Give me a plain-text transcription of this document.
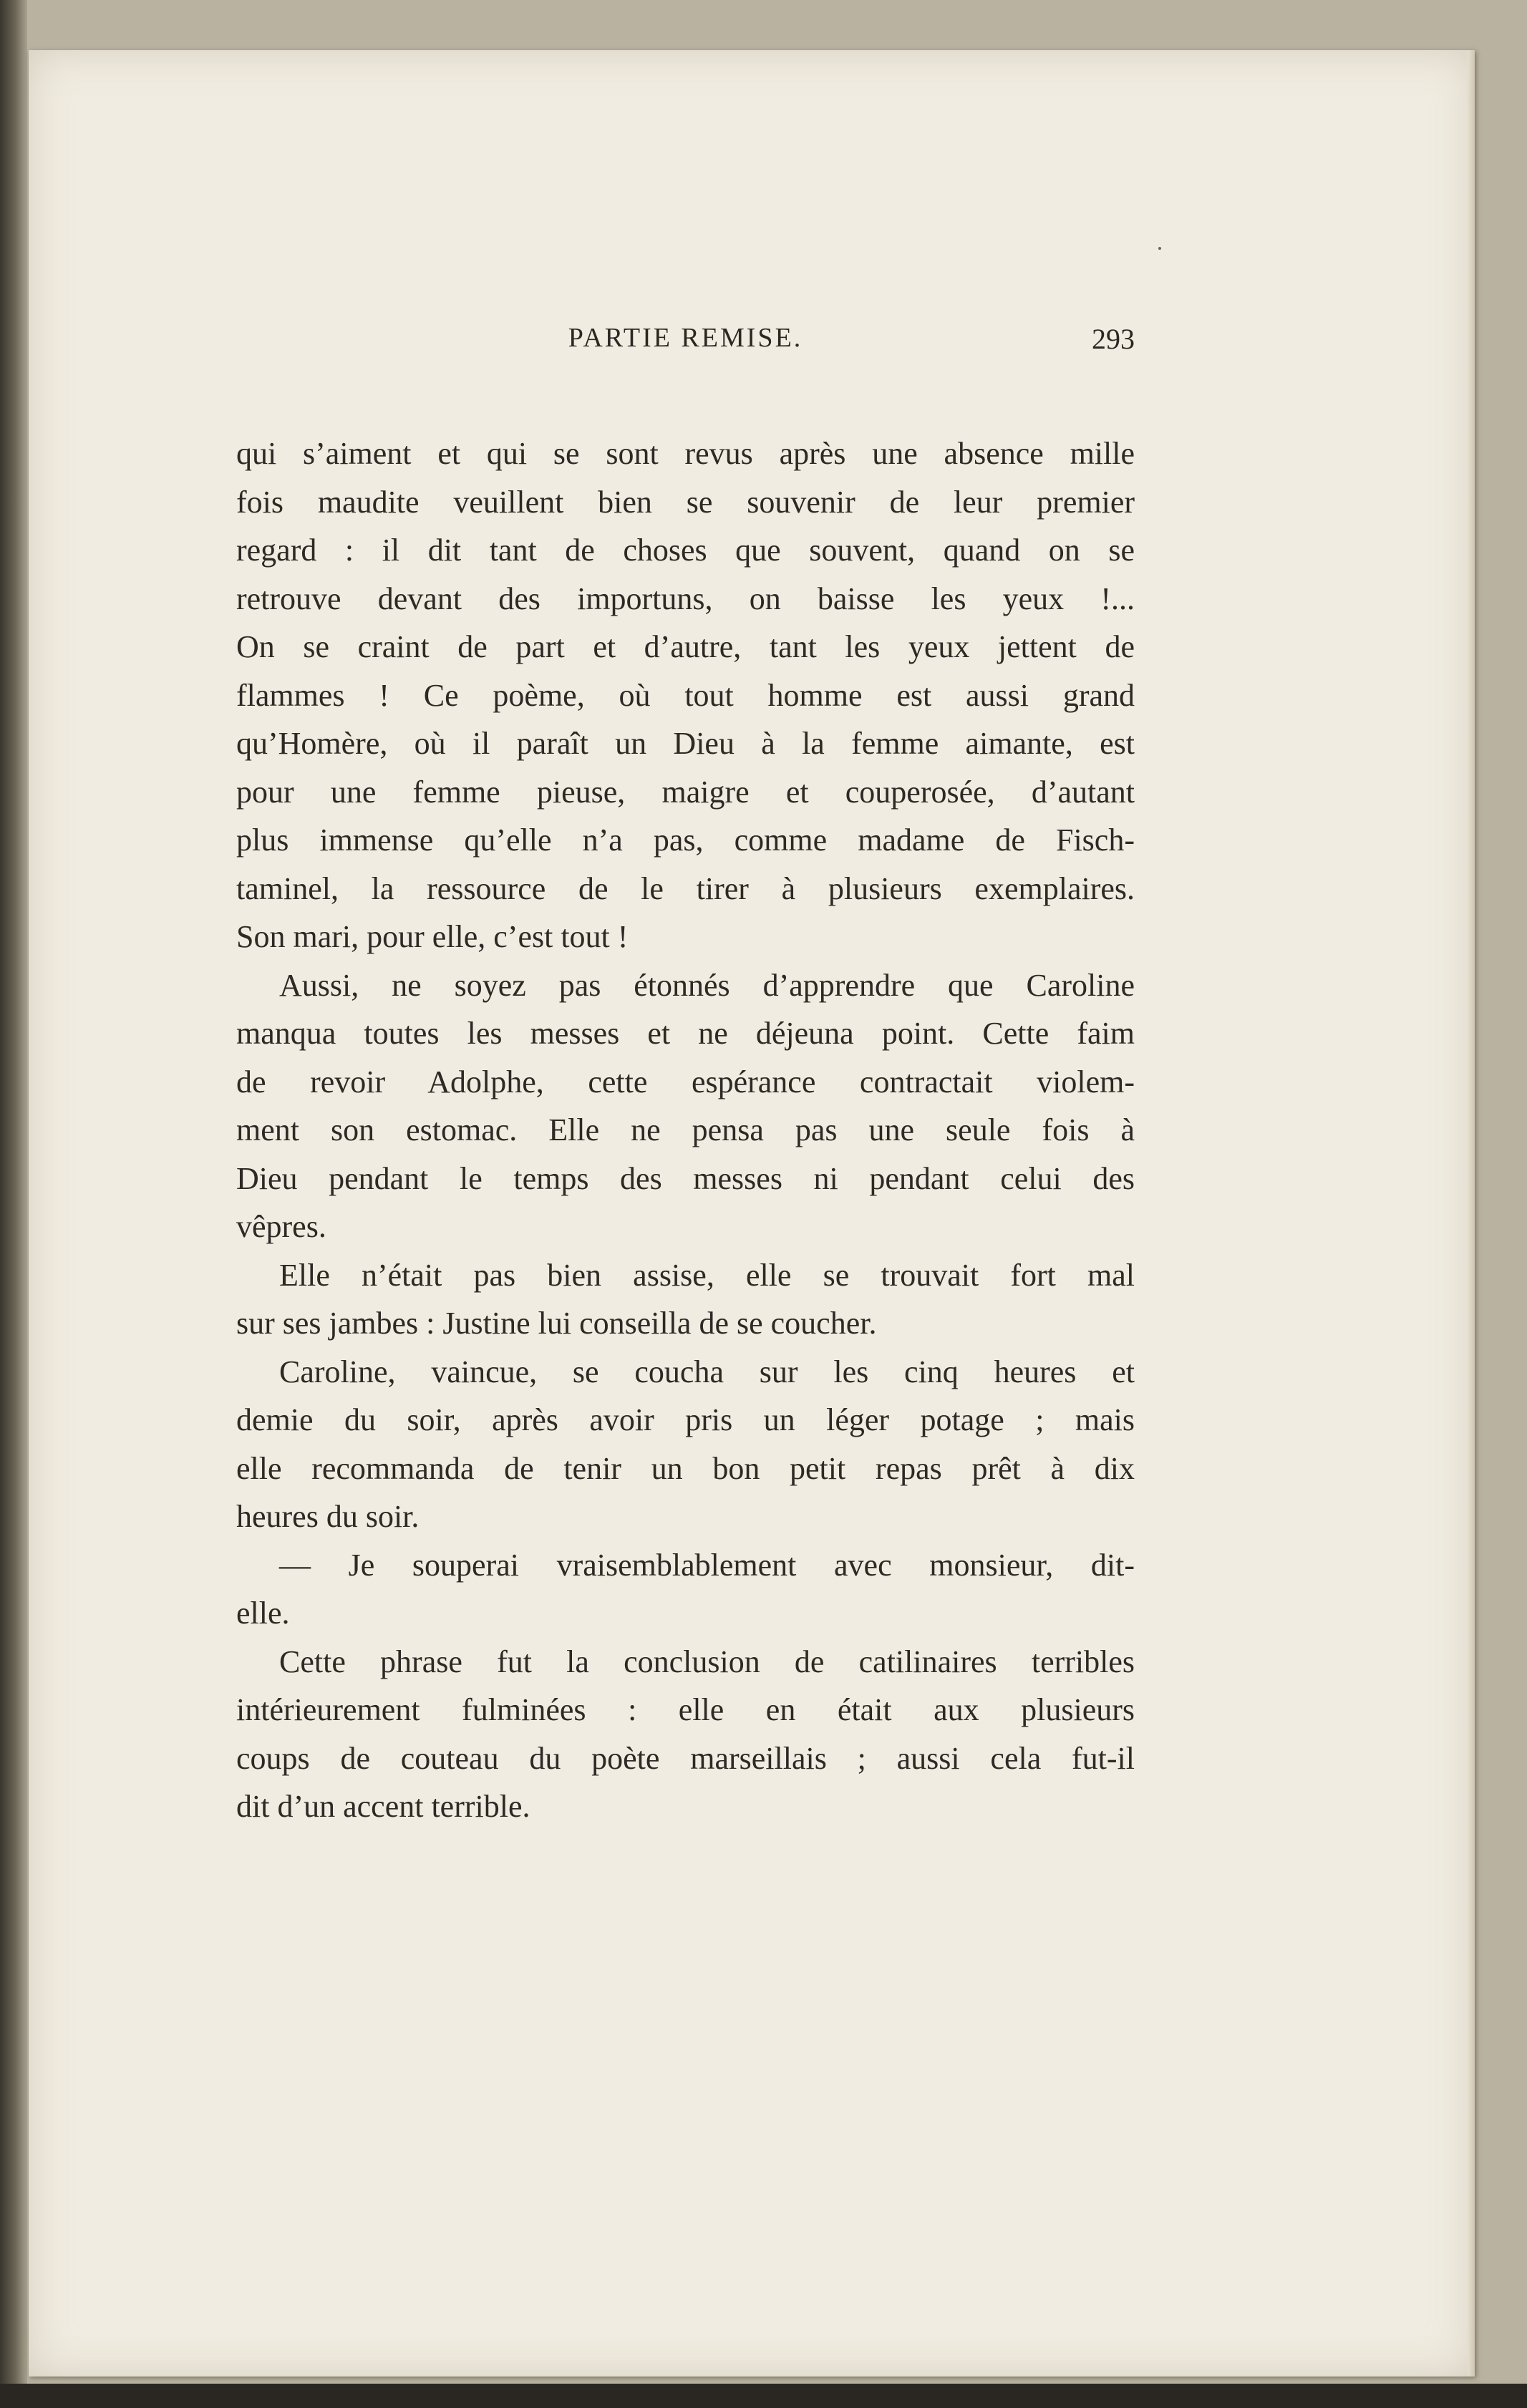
PARTIE REMISE.	293

qui s’aiment et qui se sont revus après une absence mille
fois maudite veuillent bien se souvenir de leur premier
regard : il dit tant de choses que souvent, quand on se
retrouve devant des importuns, on baisse les yeux !...
On se craint de part et d’autre, tant les yeux jettent de
flammes ! Ce poème, où tout homme est aussi grand
qu’Homère, où il paraît un Dieu à la femme aimante, est
pour une femme pieuse, maigre et couperosée, d’autant
plus immense qu’elle n’a pas, comme madame de Fisch-
taminel, la ressource de le tirer à plusieurs exemplaires.
Son mari, pour elle, c’est tout !

Aussi, ne soyez pas étonnés d’apprendre que Caroline
manqua toutes les messes et ne déjeuna point. Cette faim
de revoir Adolphe, cette espérance contractait violem-
ment son estomac. Elle ne pensa pas une seule fois à
Dieu pendant le temps des messes ni pendant celui des
vêpres.

Elle n’était pas bien assise, elle se trouvait fort mal
sur ses jambes : Justine lui conseilla de se coucher.

Caroline, vaincue, se coucha sur les cinq heures et
demie du soir, après avoir pris un léger potage ; mais
elle recommanda de tenir un bon petit repas prêt à dix
heures du soir.

— Je souperai vraisemblablement avec monsieur, dit-
elle.

Cette phrase fut la conclusion de catilinaires terribles
intérieurement fulminées : elle en était aux plusieurs
coups de couteau du poète marseillais ; aussi cela fut-il
dit d’un accent terrible.
